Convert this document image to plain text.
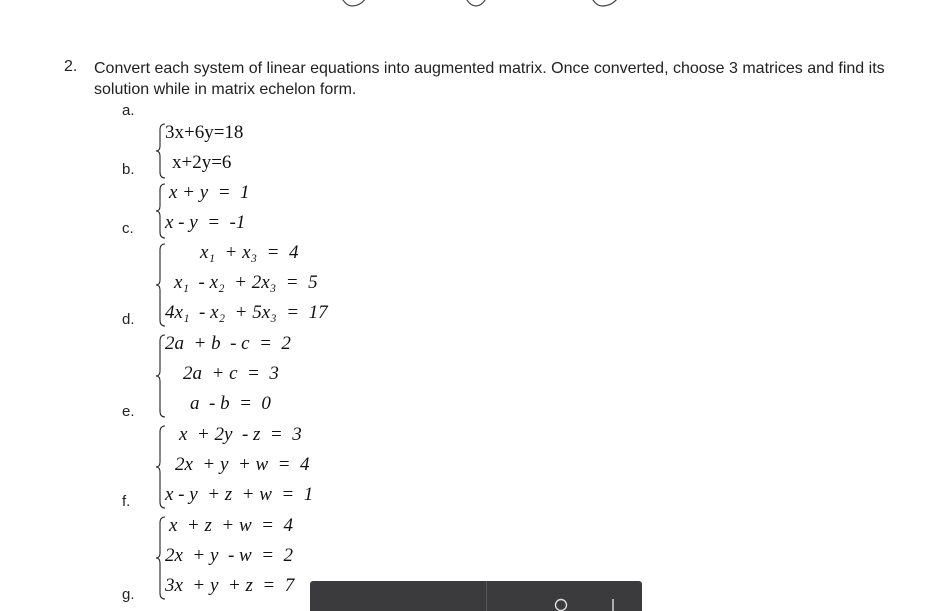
2. Convert each system of linear equations into augmented matrix. Once converted, choose 3 matrices and find its solution while in matrix echelon form.
a.
b.
c.
d.
e.
f.
g.
3x+6y=18
x+2y=6
x + y  =  1
x - y  =  -1
x₁  + x₃  =  4
x₁  - x₂  + 2x₃  =  5
4x₁  - x₂  + 5x₃  =  17
2a  + b  - c  =  2
2a  + c  =  3
a  - b  =  0
x  + 2y  - z  =  3
2x  + y  + w  =  4
x - y  + z  + w  =  1
x  + z  + w  =  4
2x  + y  - w  =  2
3x  + y  + z  =  7
